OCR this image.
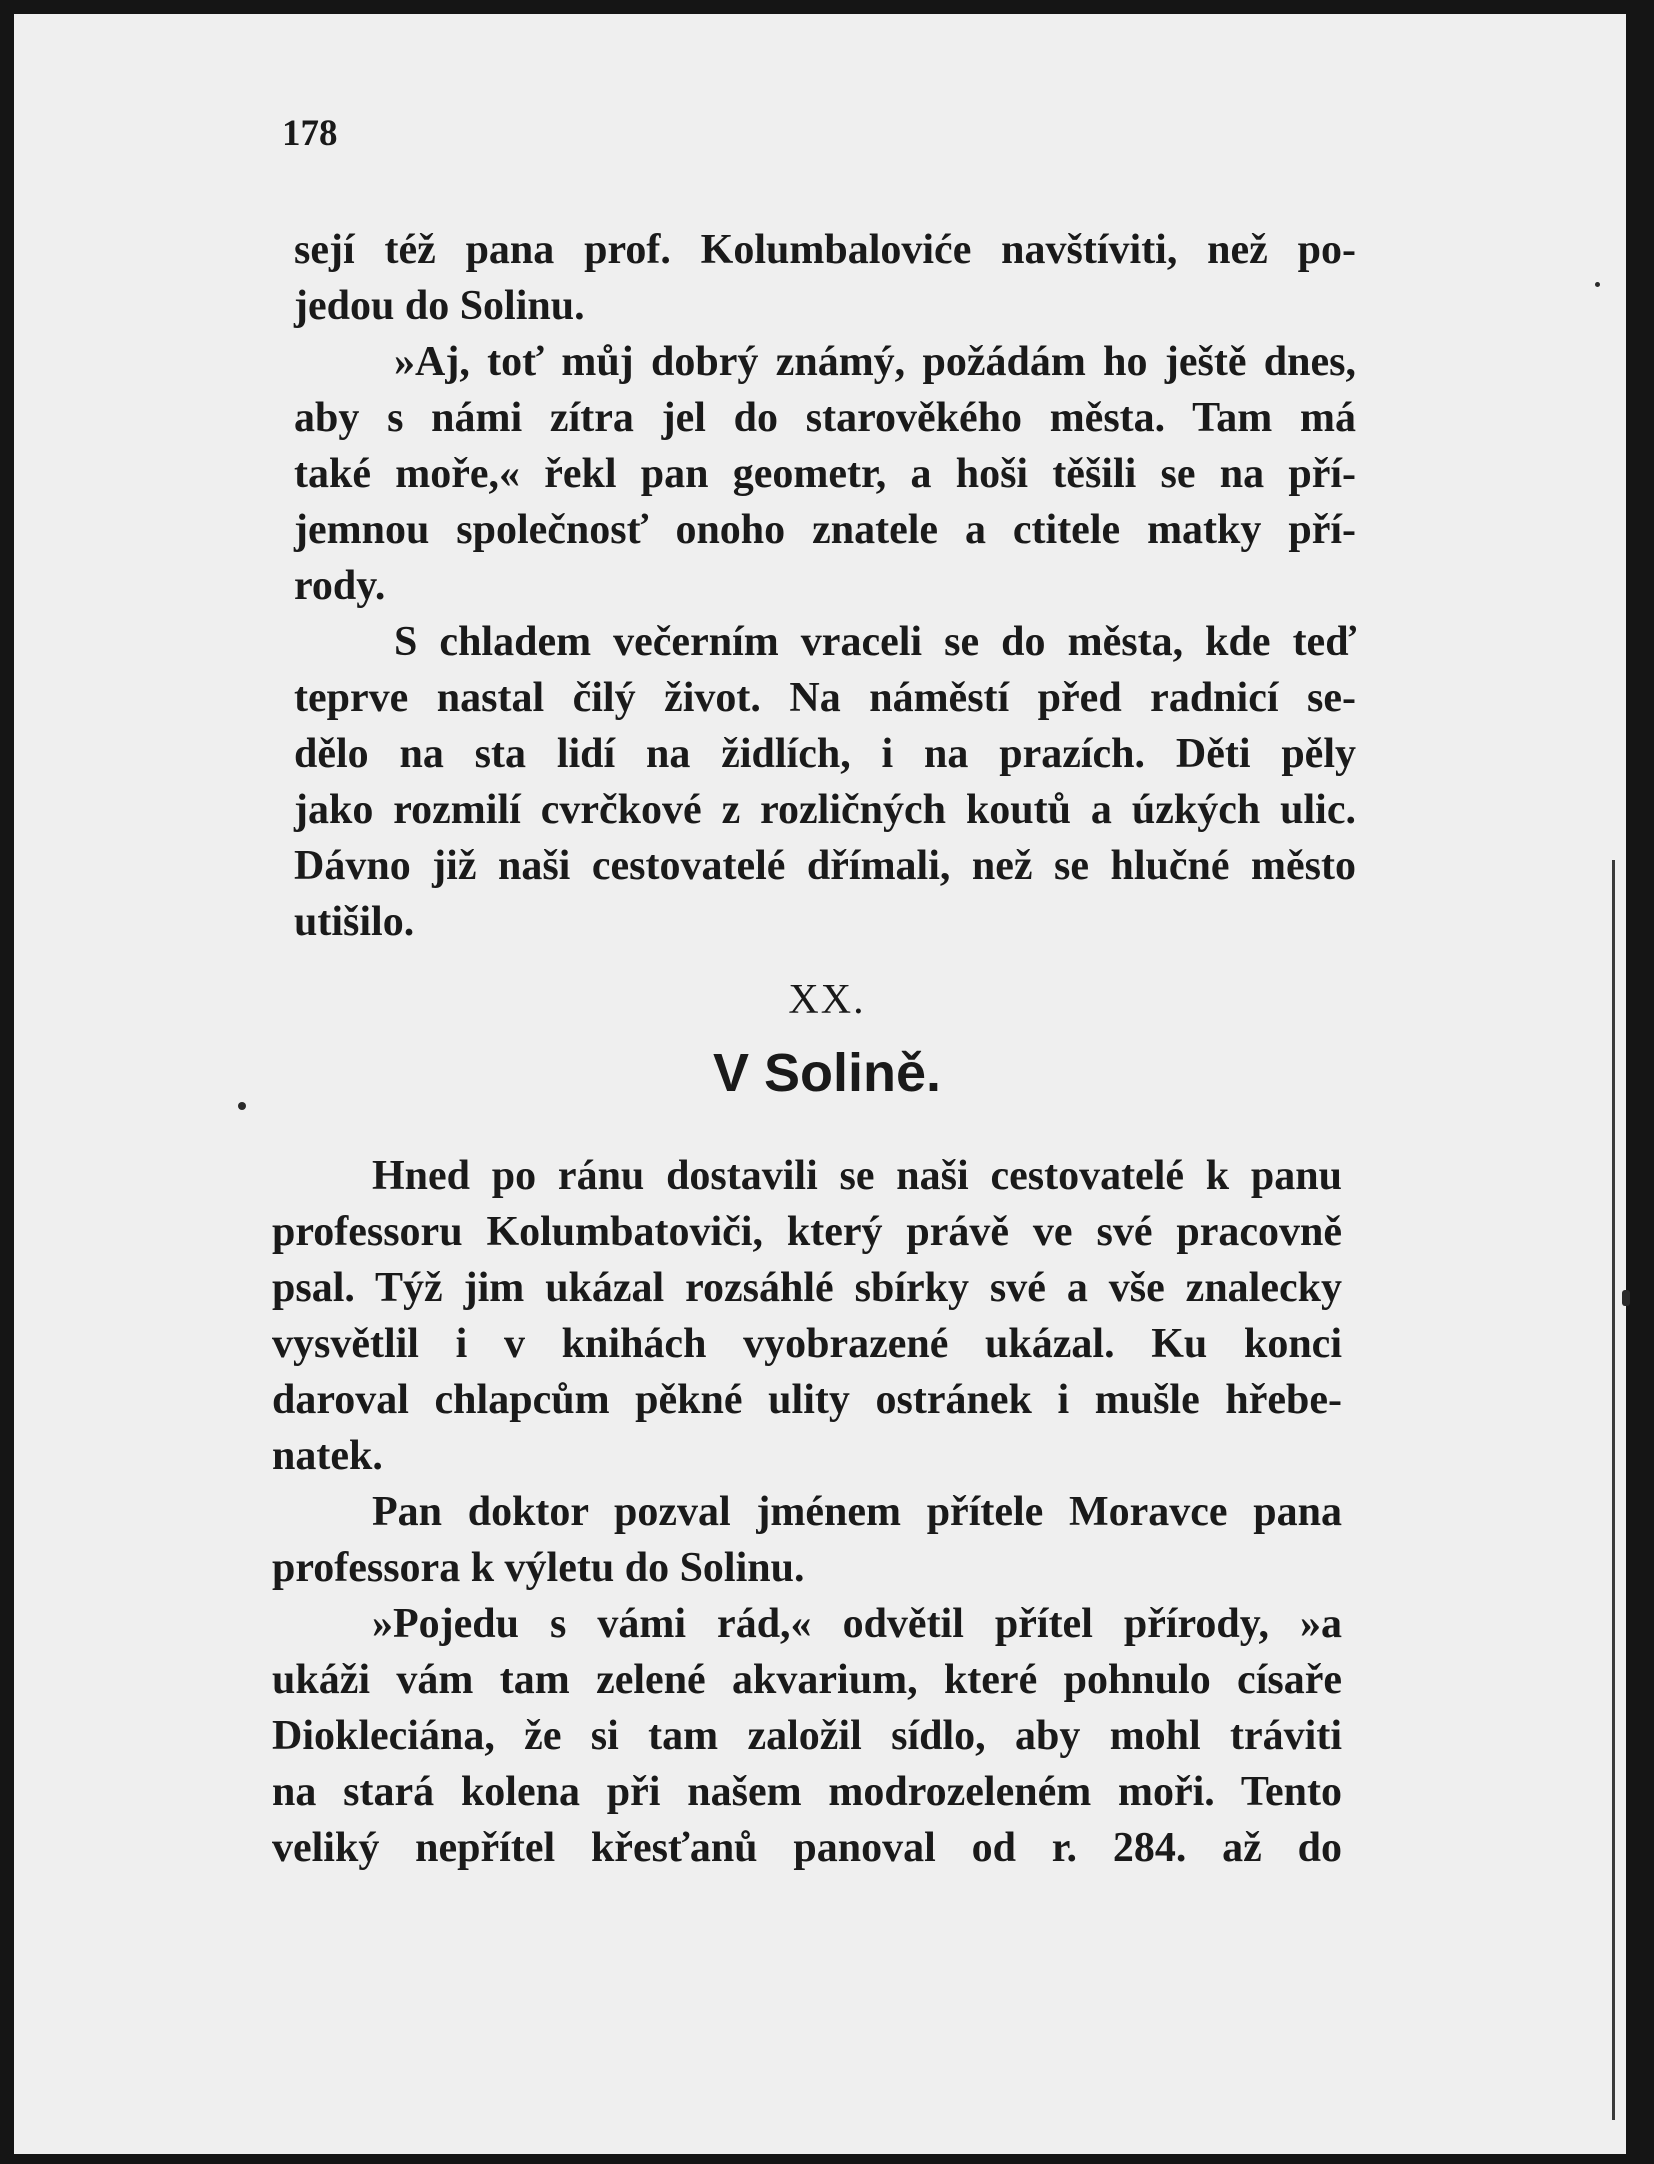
178
sejí též pana prof. Kolumbaloviće navštíviti, než po-
jedou do Solinu.
»Aj, toť můj dobrý známý, požádám ho ještě dnes,
aby s námi zítra jel do starověkého města. Tam má
také moře,« řekl pan geometr, a hoši těšili se na pří-
jemnou společnosť onoho znatele a ctitele matky pří-
rody.
S chladem večerním vraceli se do města, kde teď
teprve nastal čilý život. Na náměstí před radnicí se-
dělo na sta lidí na židlích, i na prazích. Děti pěly
jako rozmilí cvrčkové z rozličných koutů a úzkých ulic.
Dávno již naši cestovatelé dřímali, než se hlučné město
utišilo.
XX.
V Solině.
Hned po ránu dostavili se naši cestovatelé k panu
professoru Kolumbatoviči, který právě ve své pracovně
psal. Týž jim ukázal rozsáhlé sbírky své a vše znalecky
vysvětlil i v knihách vyobrazené ukázal. Ku konci
daroval chlapcům pěkné ulity ostránek i mušle hřebe-
natek.
Pan doktor pozval jménem přítele Moravce pana
professora k výletu do Solinu.
»Pojedu s vámi rád,« odvětil přítel přírody, »a
ukáži vám tam zelené akvarium, které pohnulo císaře
Diokleciána, že si tam založil sídlo, aby mohl tráviti
na stará kolena při našem modrozeleném moři. Tento
veliký nepřítel křesťanů panoval od r. 284. až do
